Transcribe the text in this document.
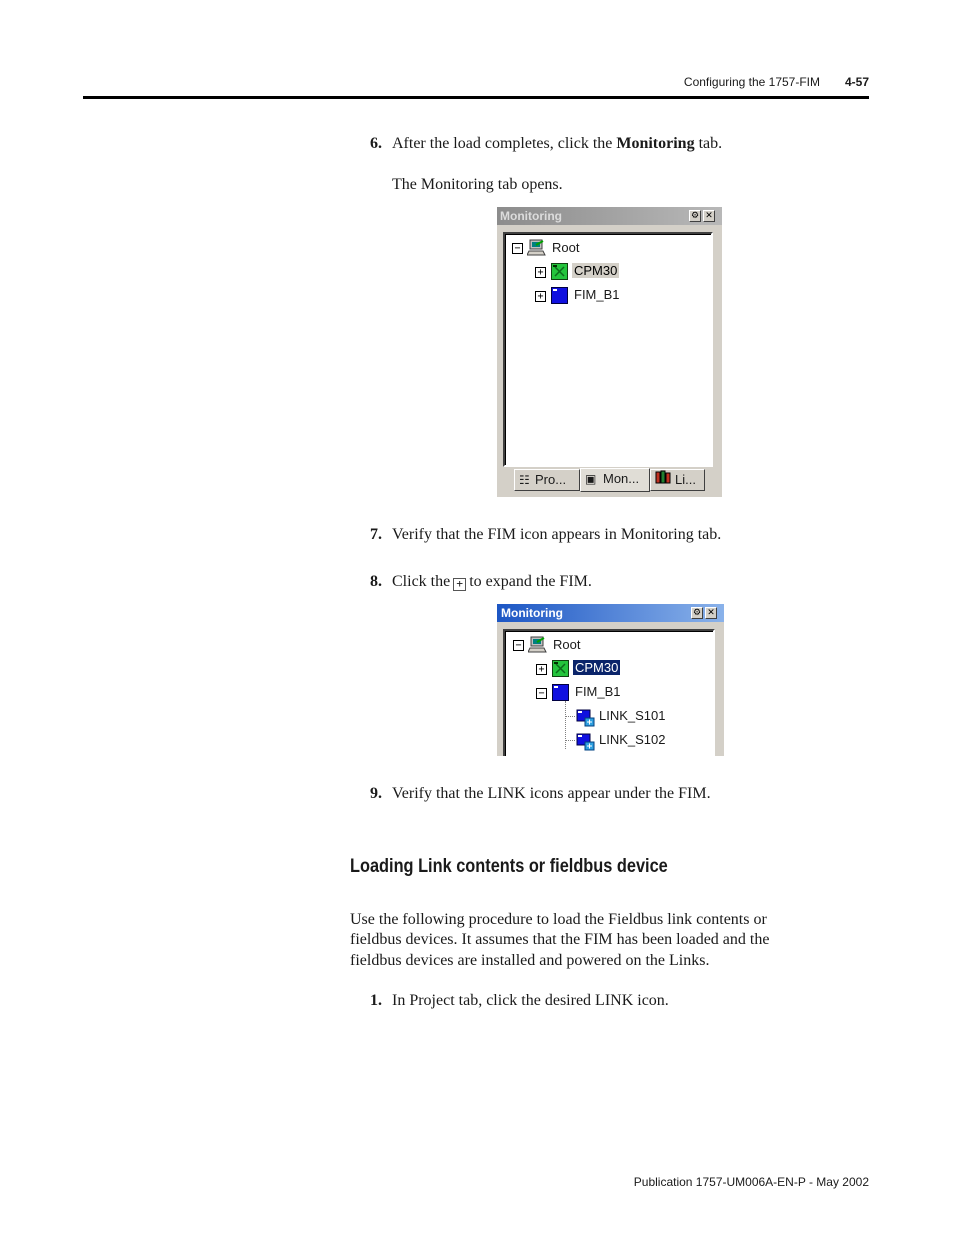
Configuring the 1757-FIM	4-57
6. After the load completes, click the Monitoring tab.
The Monitoring tab opens.
Monitoring	⚙ ✕
− Root
+ CPM30
+ FIM_B1
☷ Pro...	▣ Mon...	Li...
7. Verify that the FIM icon appears in Monitoring tab.
8. Click the + to expand the FIM.
Monitoring	⚙ ✕
− Root
+ CPM30
− FIM_B1
LINK_S101
LINK_S102
9. Verify that the LINK icons appear under the FIM.
Loading Link contents or fieldbus device
Use the following procedure to load the Fieldbus link contents or
fieldbus devices. It assumes that the FIM has been loaded and the
fieldbus devices are installed and powered on the Links.
1. In Project tab, click the desired LINK icon.
Publication 1757-UM006A-EN-P - May 2002
